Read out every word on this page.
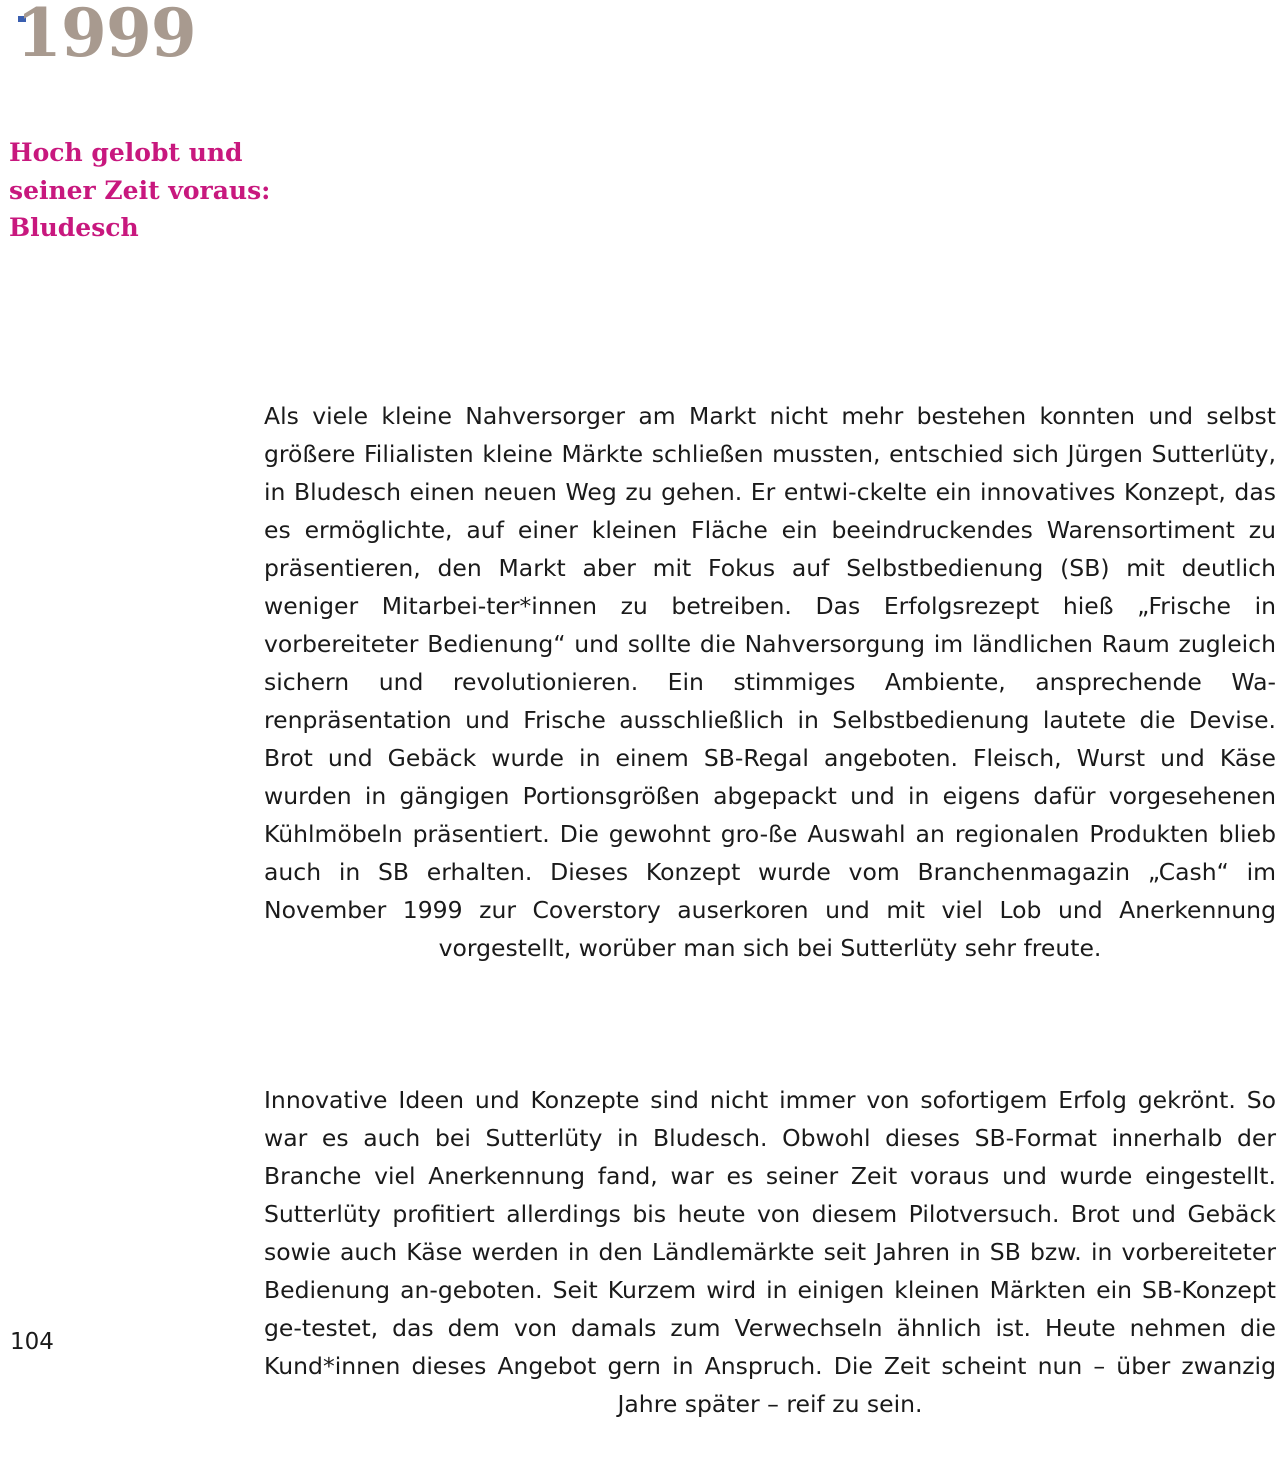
1999
Hoch gelobt und
seiner Zeit voraus:
Bludesch

Als viele kleine Nahversorger am Markt nicht mehr bestehen konnten und selbst größere Filialisten kleine Märkte schließen mussten, entschied sich Jürgen Sutterlüty, in Bludesch einen neuen Weg zu gehen. Er entwi-ckelte ein innovatives Konzept, das es ermöglichte, auf einer kleinen Fläche ein beeindruckendes Warensortiment zu präsentieren, den Markt aber mit Fokus auf Selbstbedienung (SB) mit deutlich weniger Mitarbei-ter*innen zu betreiben. Das Erfolgsrezept hieß „Frische in vorbereiteter Bedienung“ und sollte die Nahversorgung im ländlichen Raum zugleich sichern und revolutionieren. Ein stimmiges Ambiente, ansprechende Wa-renpräsentation und Frische ausschließlich in Selbstbedienung lautete die Devise. Brot und Gebäck wurde in einem SB-Regal angeboten. Fleisch, Wurst und Käse wurden in gängigen Portionsgrößen abgepackt und in eigens dafür vorgesehenen Kühlmöbeln präsentiert. Die gewohnt gro-ße Auswahl an regionalen Produkten blieb auch in SB erhalten. Dieses Konzept wurde vom Branchenmagazin „Cash“ im November 1999 zur Coverstory auserkoren und mit viel Lob und Anerkennung vorgestellt, worüber man sich bei Sutterlüty sehr freute.

Innovative Ideen und Konzepte sind nicht immer von sofortigem Erfolg gekrönt. So war es auch bei Sutterlüty in Bludesch. Obwohl dieses SB-Format innerhalb der Branche viel Anerkennung fand, war es seiner Zeit voraus und wurde eingestellt. Sutterlüty profitiert allerdings bis heute von diesem Pilotversuch. Brot und Gebäck sowie auch Käse werden in den Ländlemärkte seit Jahren in SB bzw. in vorbereiteter Bedienung an-geboten. Seit Kurzem wird in einigen kleinen Märkten ein SB-Konzept ge-testet, das dem von damals zum Verwechseln ähnlich ist. Heute nehmen die Kund*innen dieses Angebot gern in Anspruch. Die Zeit scheint nun – über zwanzig Jahre später – reif zu sein.

104
